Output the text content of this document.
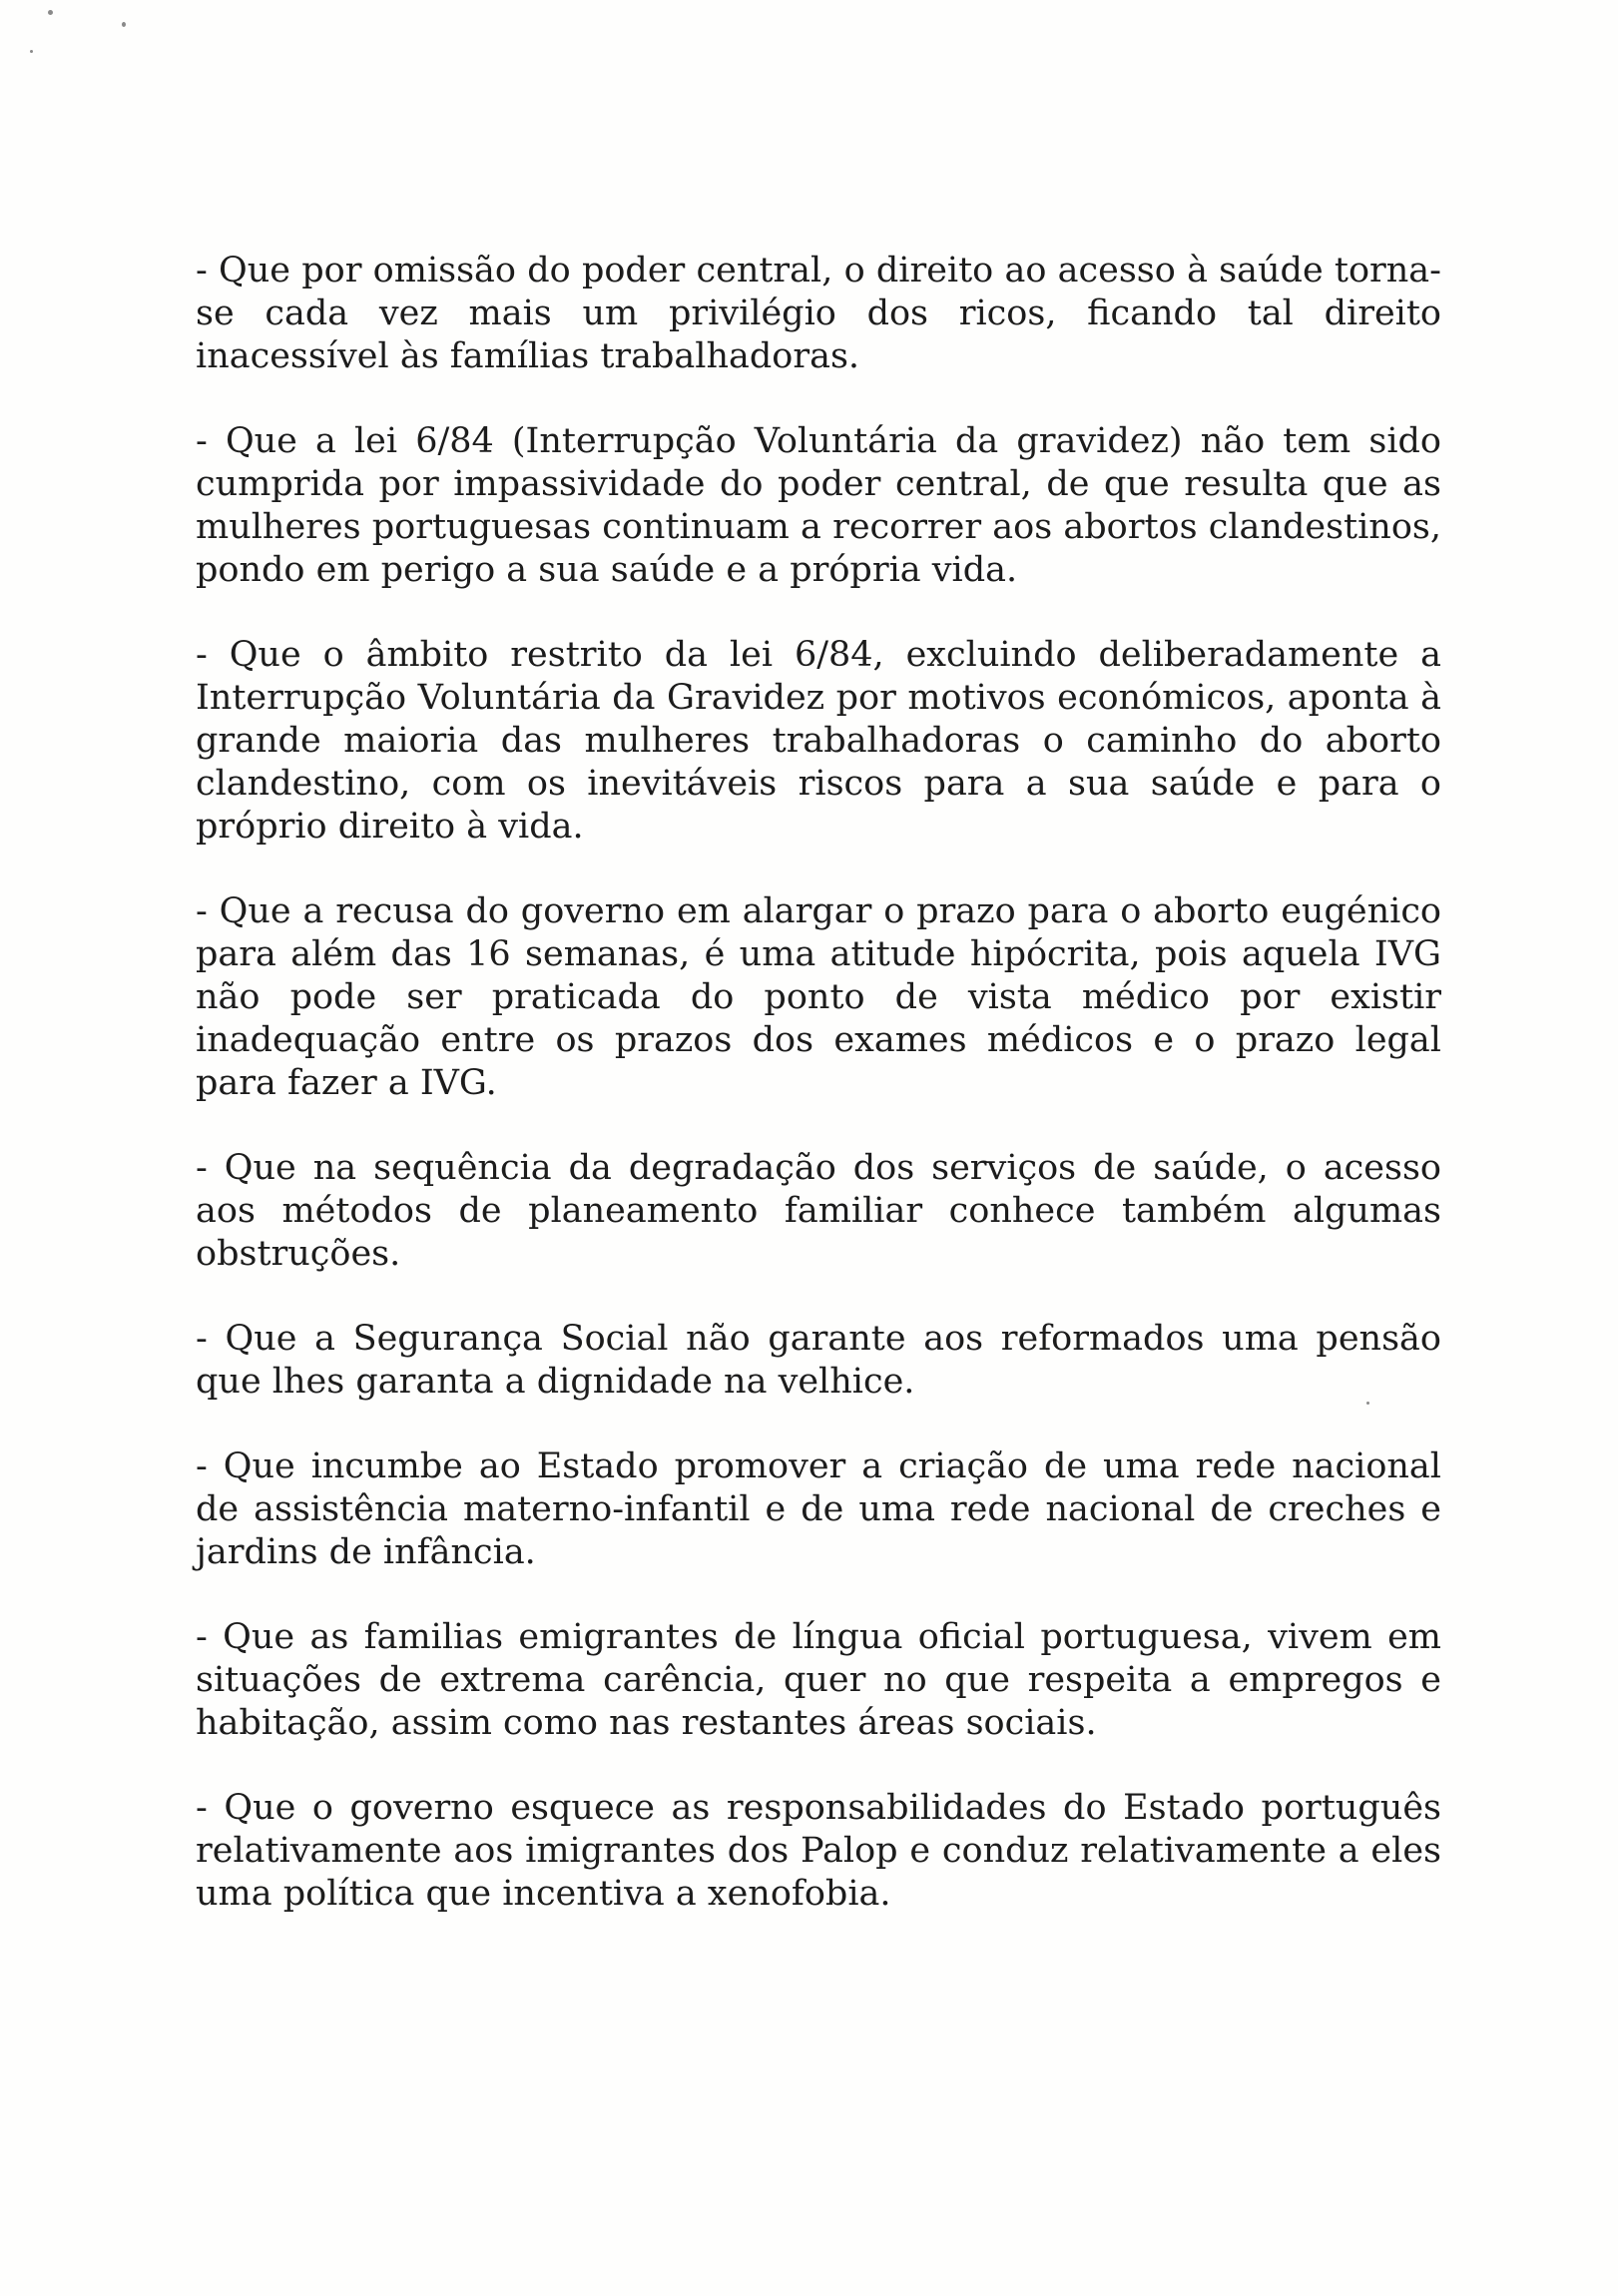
- Que por omissão do poder central, o direito ao acesso à saúde torna-se cada vez mais um privilégio dos ricos, ficando tal direito inacessível às famílias trabalhadoras.

- Que a lei 6/84 (Interrupção Voluntária da gravidez) não tem sido cumprida por impassividade do poder central, de que resulta que as mulheres portuguesas continuam a recorrer aos abortos clandestinos, pondo em perigo a sua saúde e a própria vida.

- Que o âmbito restrito da lei 6/84, excluindo deliberadamente a Interrupção Voluntária da Gravidez por motivos económicos, aponta à grande maioria das mulheres trabalhadoras o caminho do aborto clandestino, com os inevitáveis riscos para a sua saúde e para o próprio direito à vida.

- Que a recusa do governo em alargar o prazo para o aborto eugénico para além das 16 semanas, é uma atitude hipócrita, pois aquela IVG não pode ser praticada do ponto de vista médico por existir inadequação entre os prazos dos exames médicos e o prazo legal para fazer a IVG.

- Que na sequência da degradação dos serviços de saúde, o acesso aos métodos de planeamento familiar conhece também algumas obstruções.

- Que a Segurança Social não garante aos reformados uma pensão que lhes garanta a dignidade na velhice.

- Que incumbe ao Estado promover a criação de uma rede nacional de assistência materno-infantil e de uma rede nacional de creches e jardins de infância.

- Que as familias emigrantes de língua oficial portuguesa, vivem em situações de extrema carência, quer no que respeita a empregos e habitação, assim como nas restantes áreas sociais.

- Que o governo esquece as responsabilidades do Estado português relativamente aos imigrantes dos Palop e conduz relativamente a eles uma política que incentiva a xenofobia.
